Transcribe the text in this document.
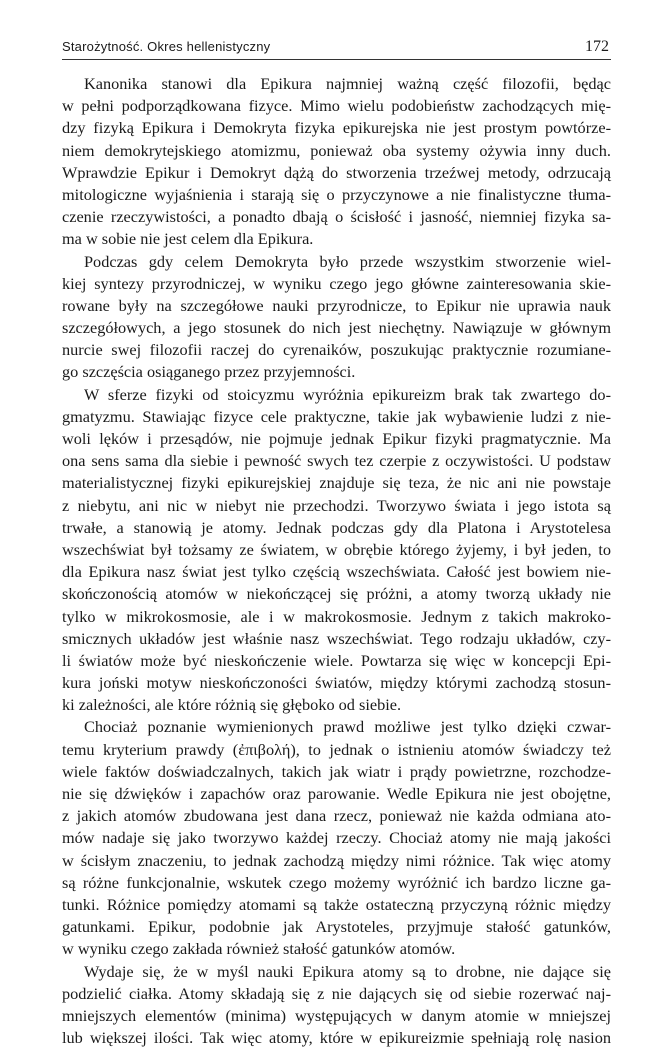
Starożytność. Okres hellenistyczny	172
Kanonika stanowi dla Epikura najmniej ważną część filozofii, będąc
w pełni podporządkowana fizyce. Mimo wielu podobieństw zachodzących mię-
dzy fizyką Epikura i Demokryta fizyka epikurejska nie jest prostym powtórze-
niem demokrytejskiego atomizmu, ponieważ oba systemy ożywia inny duch.
Wprawdzie Epikur i Demokryt dążą do stworzenia trzeźwej metody, odrzucają
mitologiczne wyjaśnienia i starają się o przyczynowe a nie finalistyczne tłuma-
czenie rzeczywistości, a ponadto dbają o ścisłość i jasność, niemniej fizyka sa-
ma w sobie nie jest celem dla Epikura.
Podczas gdy celem Demokryta było przede wszystkim stworzenie wiel-
kiej syntezy przyrodniczej, w wyniku czego jego główne zainteresowania skie-
rowane były na szczegółowe nauki przyrodnicze, to Epikur nie uprawia nauk
szczegółowych, a jego stosunek do nich jest niechętny. Nawiązuje w głównym
nurcie swej filozofii raczej do cyrenaików, poszukując praktycznie rozumiane-
go szczęścia osiąganego przez przyjemności.
W sferze fizyki od stoicyzmu wyróżnia epikureizm brak tak zwartego do-
gmatyzmu. Stawiając fizyce cele praktyczne, takie jak wybawienie ludzi z nie-
woli lęków i przesądów, nie pojmuje jednak Epikur fizyki pragmatycznie. Ma
ona sens sama dla siebie i pewność swych tez czerpie z oczywistości. U podstaw
materialistycznej fizyki epikurejskiej znajduje się teza, że nic ani nie powstaje
z niebytu, ani nic w niebyt nie przechodzi. Tworzywo świata i jego istota są
trwałe, a stanowią je atomy. Jednak podczas gdy dla Platona i Arystotelesa
wszechświat był tożsamy ze światem, w obrębie którego żyjemy, i był jeden, to
dla Epikura nasz świat jest tylko częścią wszechświata. Całość jest bowiem nie-
skończonością atomów w niekończącej się próżni, a atomy tworzą układy nie
tylko w mikrokosmosie, ale i w makrokosmosie. Jednym z takich makroko-
smicznych układów jest właśnie nasz wszechświat. Tego rodzaju układów, czy-
li światów może być nieskończenie wiele. Powtarza się więc w koncepcji Epi-
kura joński motyw nieskończoności światów, między którymi zachodzą stosun-
ki zależności, ale które różnią się głęboko od siebie.
Chociaż poznanie wymienionych prawd możliwe jest tylko dzięki czwar-
temu kryterium prawdy (ἐπιβολή), to jednak o istnieniu atomów świadczy też
wiele faktów doświadczalnych, takich jak wiatr i prądy powietrzne, rozchodze-
nie się dźwięków i zapachów oraz parowanie. Wedle Epikura nie jest obojętne,
z jakich atomów zbudowana jest dana rzecz, ponieważ nie każda odmiana ato-
mów nadaje się jako tworzywo każdej rzeczy. Chociaż atomy nie mają jakości
w ścisłym znaczeniu, to jednak zachodzą między nimi różnice. Tak więc atomy
są różne funkcjonalnie, wskutek czego możemy wyróżnić ich bardzo liczne ga-
tunki. Różnice pomiędzy atomami są także ostateczną przyczyną różnic między
gatunkami. Epikur, podobnie jak Arystoteles, przyjmuje stałość gatunków,
w wyniku czego zakłada również stałość gatunków atomów.
Wydaje się, że w myśl nauki Epikura atomy są to drobne, nie dające się
podzielić ciałka. Atomy składają się z nie dających się od siebie rozerwać naj-
mniejszych elementów (minima) występujących w danym atomie w mniejszej
lub większej ilości. Tak więc atomy, które w epikureizmie spełniają rolę nasion
